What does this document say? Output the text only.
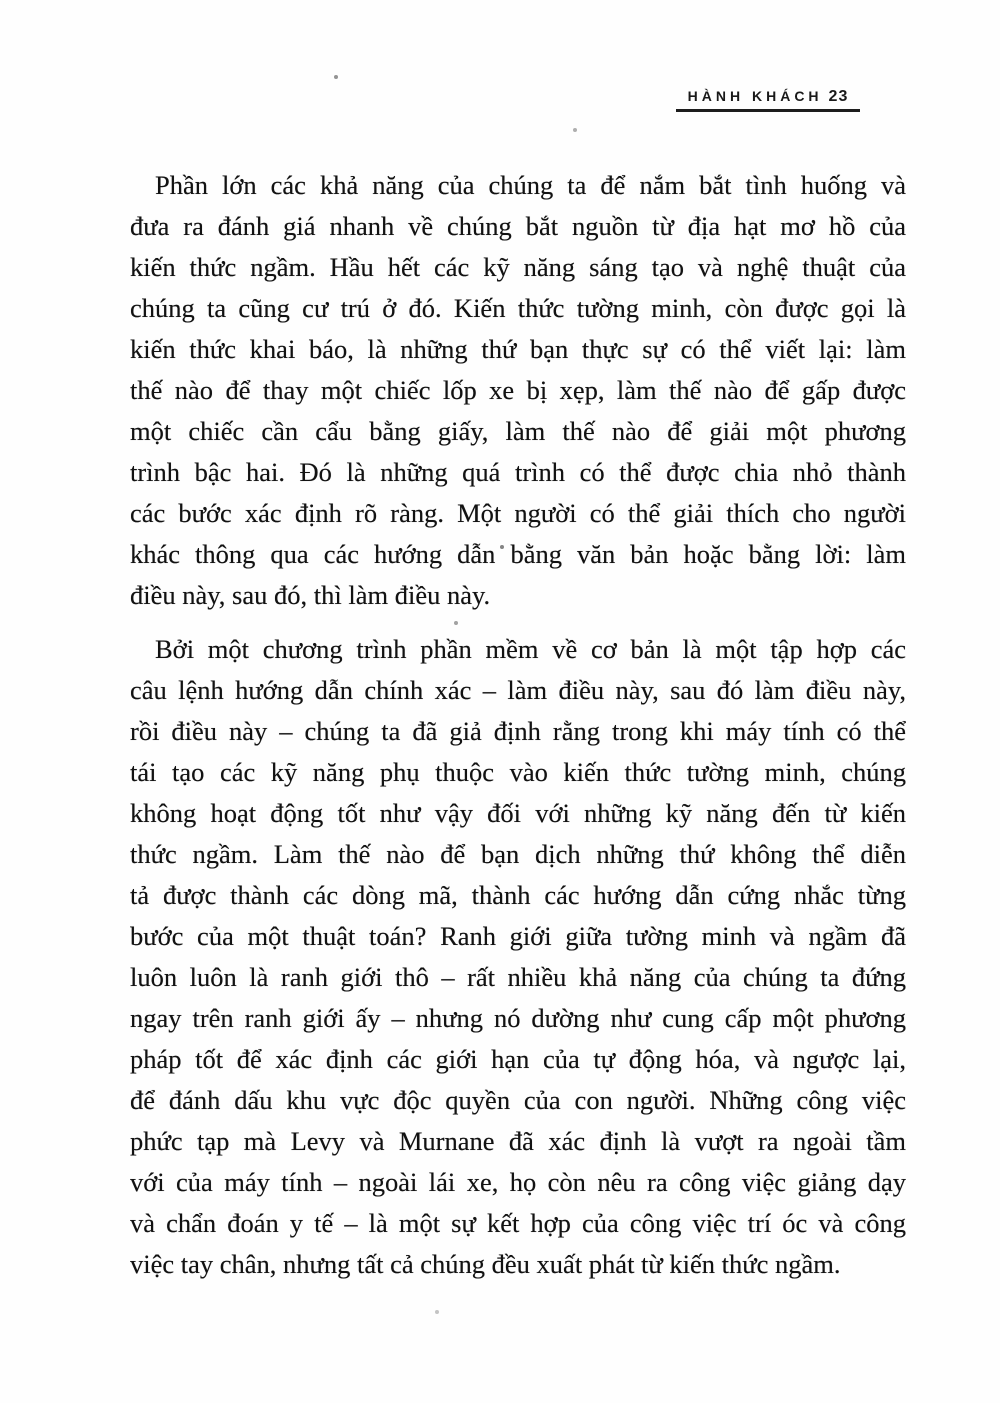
HÀNH KHÁCH 23
Phần lớn các khả năng của chúng ta để nắm bắt tình huống và
đưa ra đánh giá nhanh về chúng bắt nguồn từ địa hạt mơ hồ của
kiến thức ngầm. Hầu hết các kỹ năng sáng tạo và nghệ thuật của
chúng ta cũng cư trú ở đó. Kiến thức tường minh, còn được gọi là
kiến thức khai báo, là những thứ bạn thực sự có thể viết lại: làm
thế nào để thay một chiếc lốp xe bị xẹp, làm thế nào để gấp được
một chiếc cần cẩu bằng giấy, làm thế nào để giải một phương
trình bậc hai. Đó là những quá trình có thể được chia nhỏ thành
các bước xác định rõ ràng. Một người có thể giải thích cho người
khác thông qua các hướng dẫn bằng văn bản hoặc bằng lời: làm
điều này, sau đó, thì làm điều này.
Bởi một chương trình phần mềm về cơ bản là một tập hợp các
câu lệnh hướng dẫn chính xác – làm điều này, sau đó làm điều này,
rồi điều này – chúng ta đã giả định rằng trong khi máy tính có thể
tái tạo các kỹ năng phụ thuộc vào kiến thức tường minh, chúng
không hoạt động tốt như vậy đối với những kỹ năng đến từ kiến
thức ngầm. Làm thế nào để bạn dịch những thứ không thể diễn
tả được thành các dòng mã, thành các hướng dẫn cứng nhắc từng
bước của một thuật toán? Ranh giới giữa tường minh và ngầm đã
luôn luôn là ranh giới thô – rất nhiều khả năng của chúng ta đứng
ngay trên ranh giới ấy – nhưng nó dường như cung cấp một phương
pháp tốt để xác định các giới hạn của tự động hóa, và ngược lại,
để đánh dấu khu vực độc quyền của con người. Những công việc
phức tạp mà Levy và Murnane đã xác định là vượt ra ngoài tầm
với của máy tính – ngoài lái xe, họ còn nêu ra công việc giảng dạy
và chẩn đoán y tế – là một sự kết hợp của công việc trí óc và công
việc tay chân, nhưng tất cả chúng đều xuất phát từ kiến thức ngầm.
